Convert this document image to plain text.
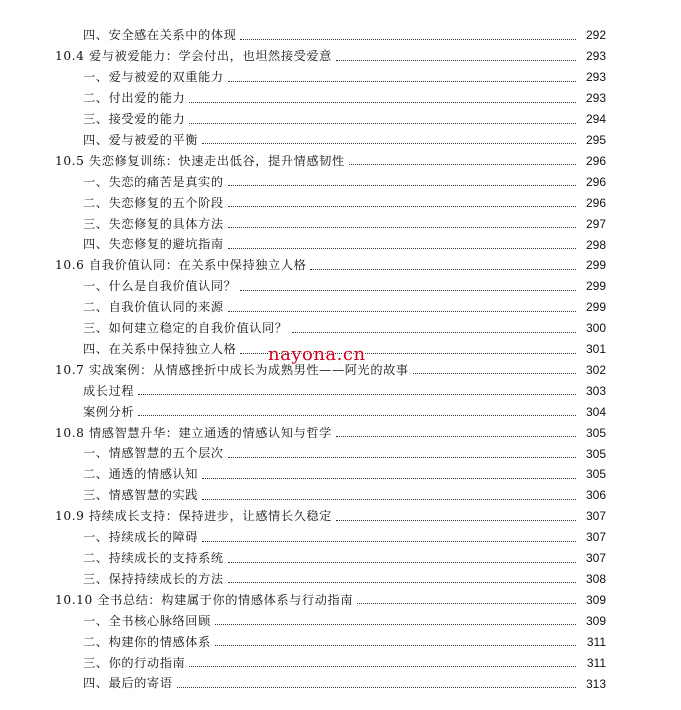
四、安全感在关系中的体现	292
10.4 爱与被爱能力：学会付出，也坦然接受爱意	293
一、爱与被爱的双重能力	293
二、付出爱的能力	293
三、接受爱的能力	294
四、爱与被爱的平衡	295
10.5 失恋修复训练：快速走出低谷，提升情感韧性	296
一、失恋的痛苦是真实的	296
二、失恋修复的五个阶段	296
三、失恋修复的具体方法	297
四、失恋修复的避坑指南	298
10.6 自我价值认同：在关系中保持独立人格	299
一、什么是自我价值认同？	299
二、自我价值认同的来源	299
三、如何建立稳定的自我价值认同？	300
四、在关系中保持独立人格	301
10.7 实战案例：从情感挫折中成长为成熟男性——阿光的故事	302
成长过程	303
案例分析	304
10.8 情感智慧升华：建立通透的情感认知与哲学	305
一、情感智慧的五个层次	305
二、通透的情感认知	305
三、情感智慧的实践	306
10.9 持续成长支持：保持进步，让感情长久稳定	307
一、持续成长的障碍	307
二、持续成长的支持系统	307
三、保持持续成长的方法	308
10.10 全书总结：构建属于你的情感体系与行动指南	309
一、全书核心脉络回顾	309
二、构建你的情感体系	311
三、你的行动指南	311
四、最后的寄语	313
nayona.cn
